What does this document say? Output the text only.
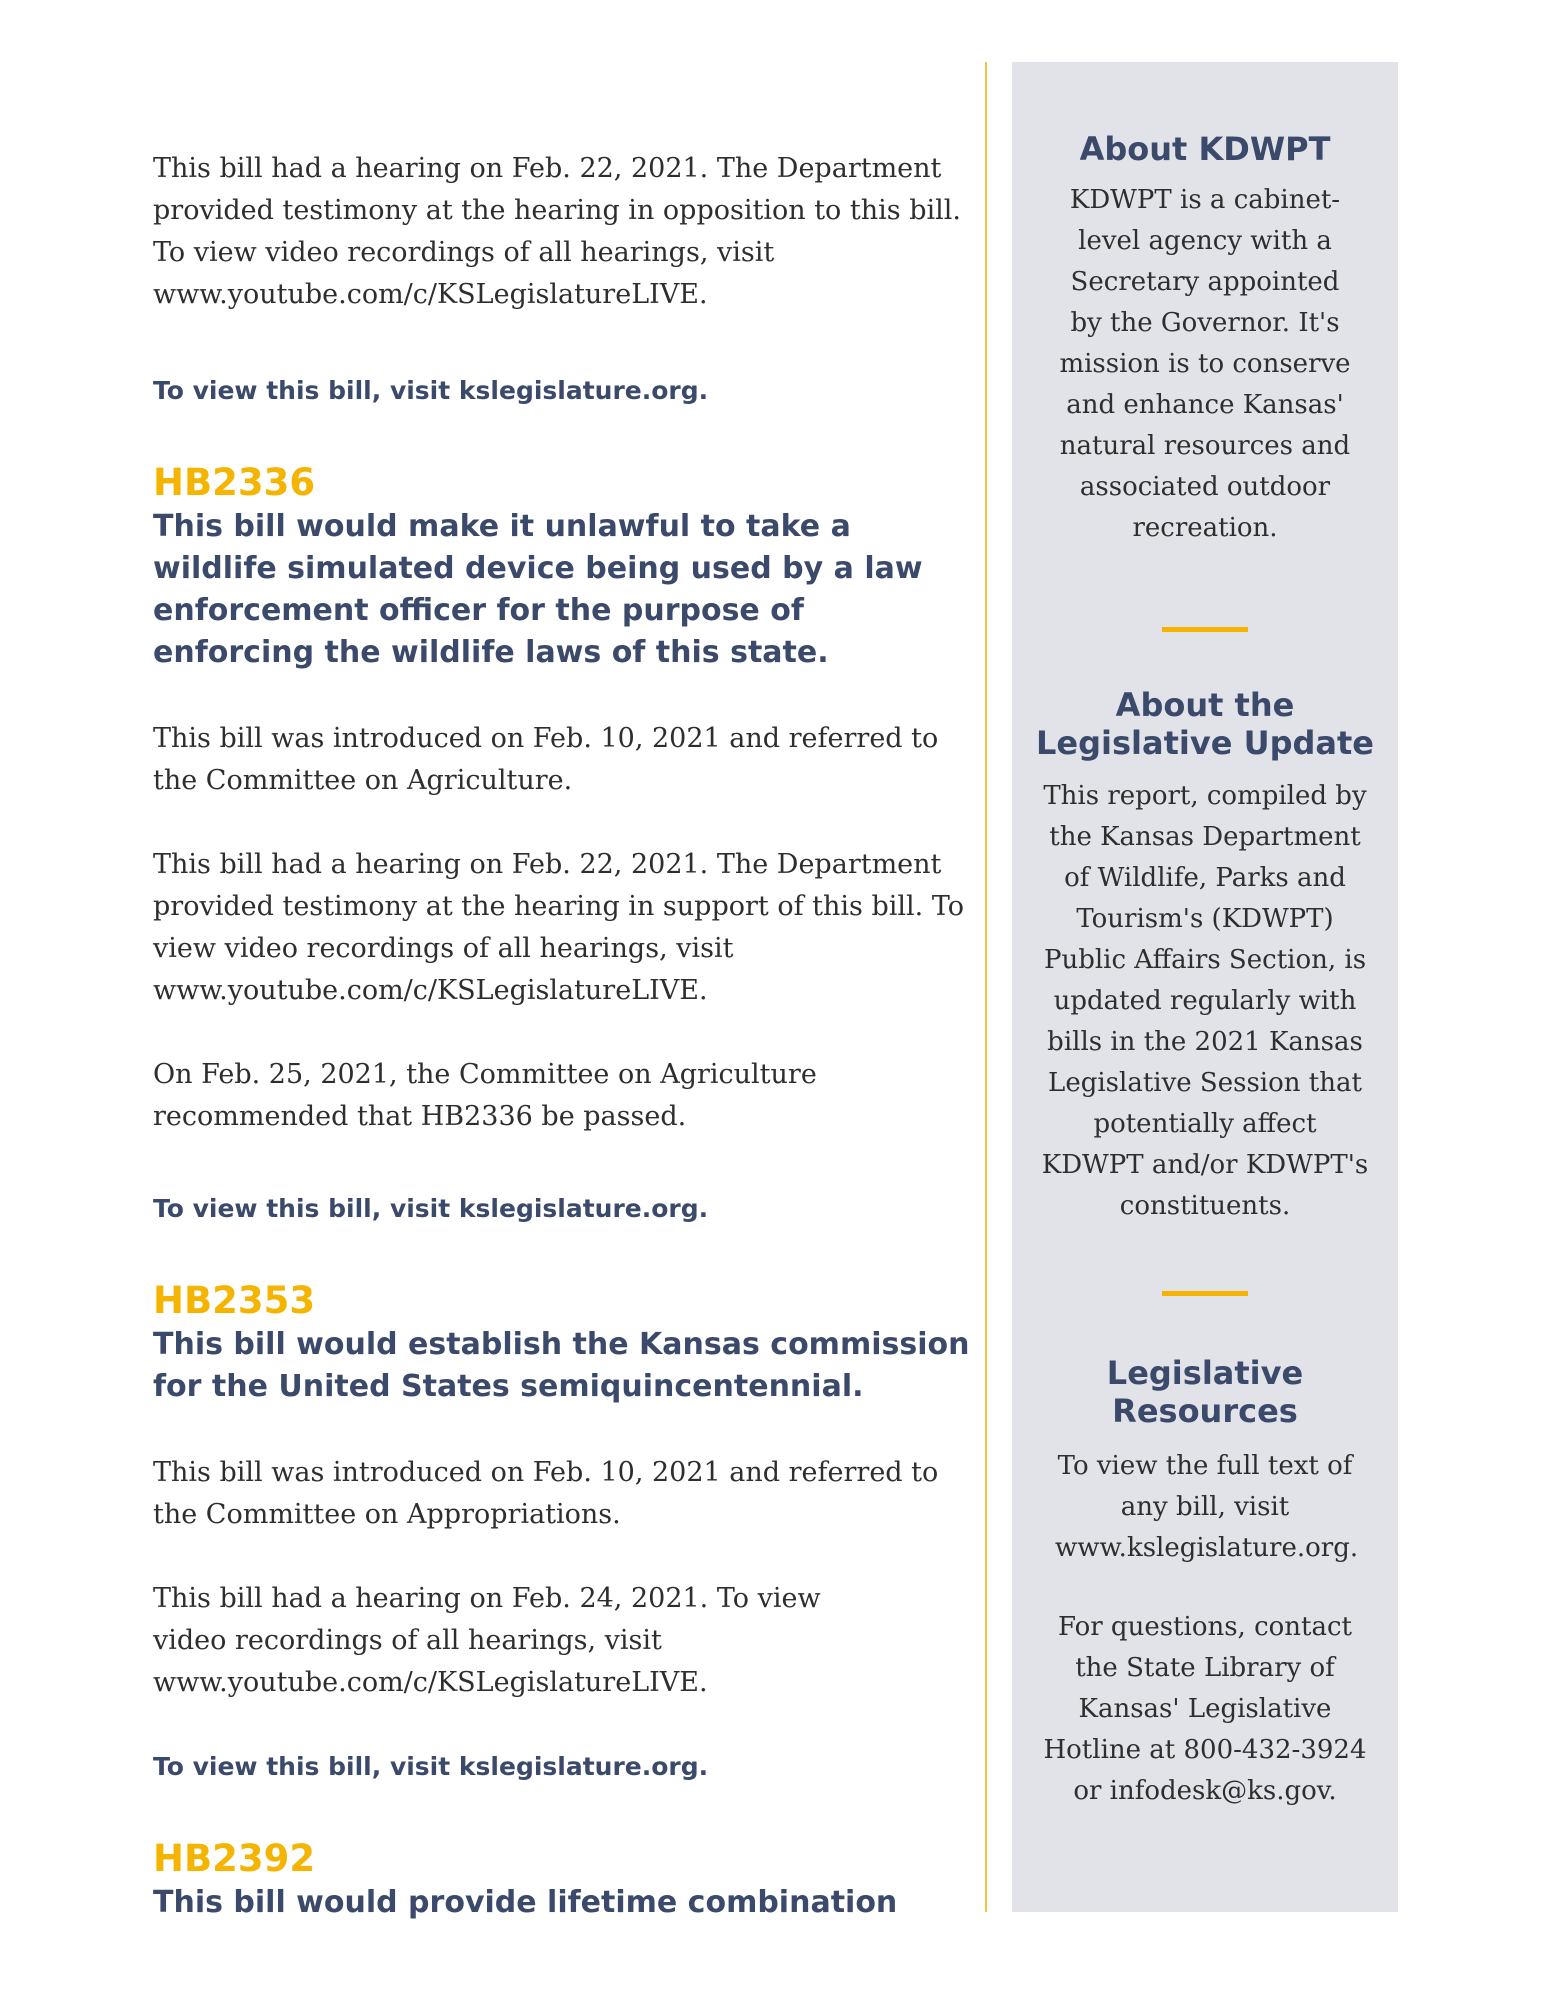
This bill had a hearing on Feb. 22, 2021. The Department provided testimony at the hearing in opposition to this bill. To view video recordings of all hearings, visit www.youtube.com/c/KSLegislatureLIVE.

To view this bill, visit kslegislature.org.

HB2336

This bill would make it unlawful to take a wildlife simulated device being used by a law enforcement officer for the purpose of enforcing the wildlife laws of this state.

This bill was introduced on Feb. 10, 2021 and referred to the Committee on Agriculture.

This bill had a hearing on Feb. 22, 2021. The Department provided testimony at the hearing in support of this bill. To view video recordings of all hearings, visit www.youtube.com/c/KSLegislatureLIVE.

On Feb. 25, 2021, the Committee on Agriculture recommended that HB2336 be passed.

To view this bill, visit kslegislature.org.

HB2353

This bill would establish the Kansas commission for the United States semiquincentennial.

This bill was introduced on Feb. 10, 2021 and referred to the Committee on Appropriations.

This bill had a hearing on Feb. 24, 2021. To view video recordings of all hearings, visit www.youtube.com/c/KSLegislatureLIVE.

To view this bill, visit kslegislature.org.

HB2392

This bill would provide lifetime combination

About KDWPT

KDWPT is a cabinet-level agency with a Secretary appointed by the Governor. It's mission is to conserve and enhance Kansas' natural resources and associated outdoor recreation.

About the Legislative Update

This report, compiled by the Kansas Department of Wildlife, Parks and Tourism's (KDWPT) Public Affairs Section, is updated regularly with bills in the 2021 Kansas Legislative Session that potentially affect KDWPT and/or KDWPT's constituents.

Legislative Resources

To view the full text of any bill, visit www.kslegislature.org.

For questions, contact the State Library of Kansas' Legislative Hotline at 800-432-3924 or infodesk@ks.gov.
